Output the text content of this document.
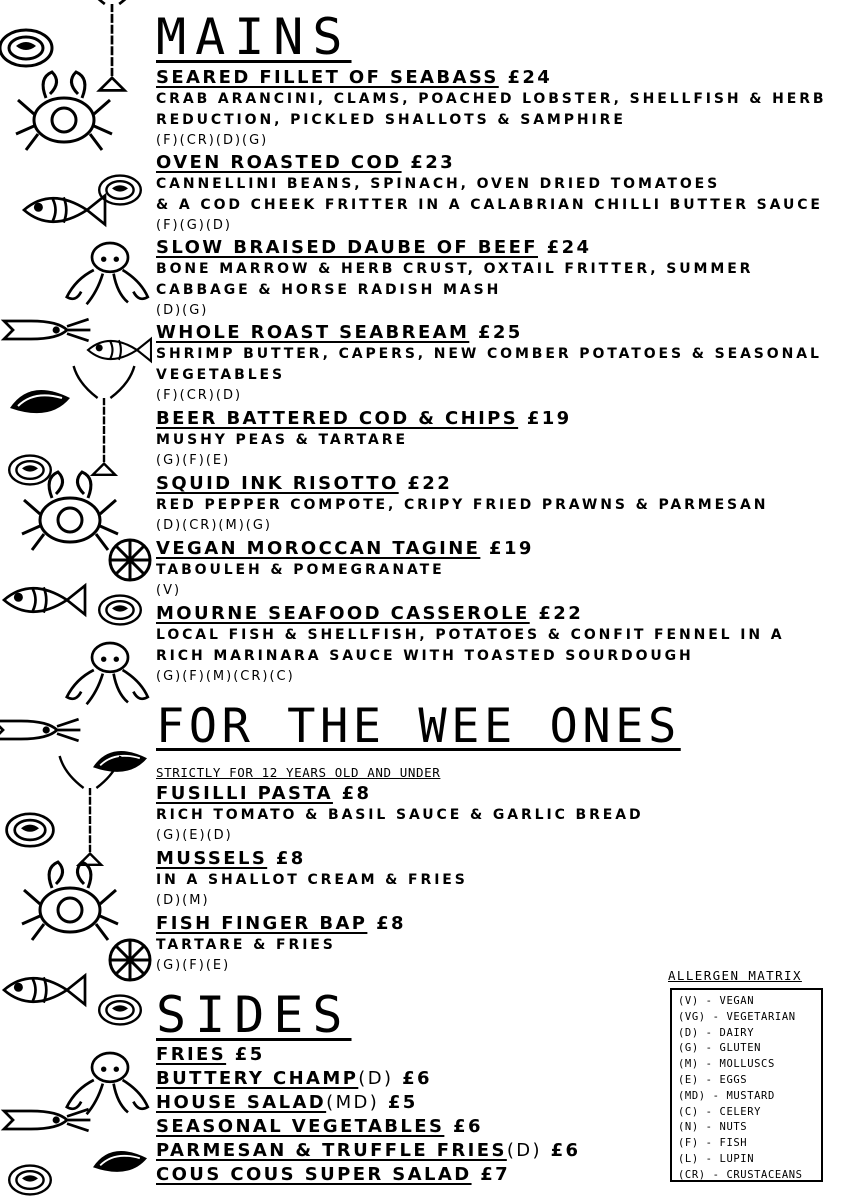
MAINS
SEARED FILLET OF SEABASS £24
CRAB ARANCINI, CLAMS, POACHED LOBSTER, SHELLFISH & HERB
REDUCTION, PICKLED SHALLOTS & SAMPHIRE
(F)(CR)(D)(G)
OVEN ROASTED COD £23
CANNELLINI BEANS, SPINACH, OVEN DRIED TOMATOES
& A COD CHEEK FRITTER IN A CALABRIAN CHILLI BUTTER SAUCE
(F)(G)(D)
SLOW BRAISED DAUBE OF BEEF £24
BONE MARROW & HERB CRUST, OXTAIL FRITTER, SUMMER
CABBAGE & HORSE RADISH MASH
(D)(G)
WHOLE ROAST SEABREAM £25
SHRIMP BUTTER, CAPERS, NEW COMBER POTATOES & SEASONAL
VEGETABLES
(F)(CR)(D)
BEER BATTERED COD & CHIPS £19
MUSHY PEAS & TARTARE
(G)(F)(E)
SQUID INK RISOTTO £22
RED PEPPER COMPOTE, CRIPY FRIED PRAWNS & PARMESAN
(D)(CR)(M)(G)
VEGAN MOROCCAN TAGINE £19
TABOULEH & POMEGRANATE
(V)
MOURNE SEAFOOD CASSEROLE £22
LOCAL FISH & SHELLFISH, POTATOES & CONFIT FENNEL IN A
RICH MARINARA SAUCE WITH TOASTED SOURDOUGH
(G)(F)(M)(CR)(C)
FOR THE WEE ONES

STRICTLY FOR 12 YEARS OLD AND UNDER

FUSILLI PASTA £8
RICH TOMATO & BASIL SAUCE & GARLIC BREAD
(G)(E)(D)
MUSSELS £8
IN A SHALLOT CREAM & FRIES
(D)(M)
FISH FINGER BAP £8
TARTARE & FRIES
(G)(F)(E)
SIDES
FRIES £5
BUTTERY CHAMP(D) £6
HOUSE SALAD(MD) £5
SEASONAL VEGETABLES £6
PARMESAN & TRUFFLE FRIES(D) £6
COUS COUS SUPER SALAD £7

ALLERGEN MATRIX

(V) - VEGAN
(VG) - VEGETARIAN
(D) - DAIRY
(G) - GLUTEN
(M) - MOLLUSCS
(E) - EGGS
(MD) - MUSTARD
(C) - CELERY
(N) - NUTS
(F) - FISH
(L) - LUPIN
(CR) - CRUSTACEANS
